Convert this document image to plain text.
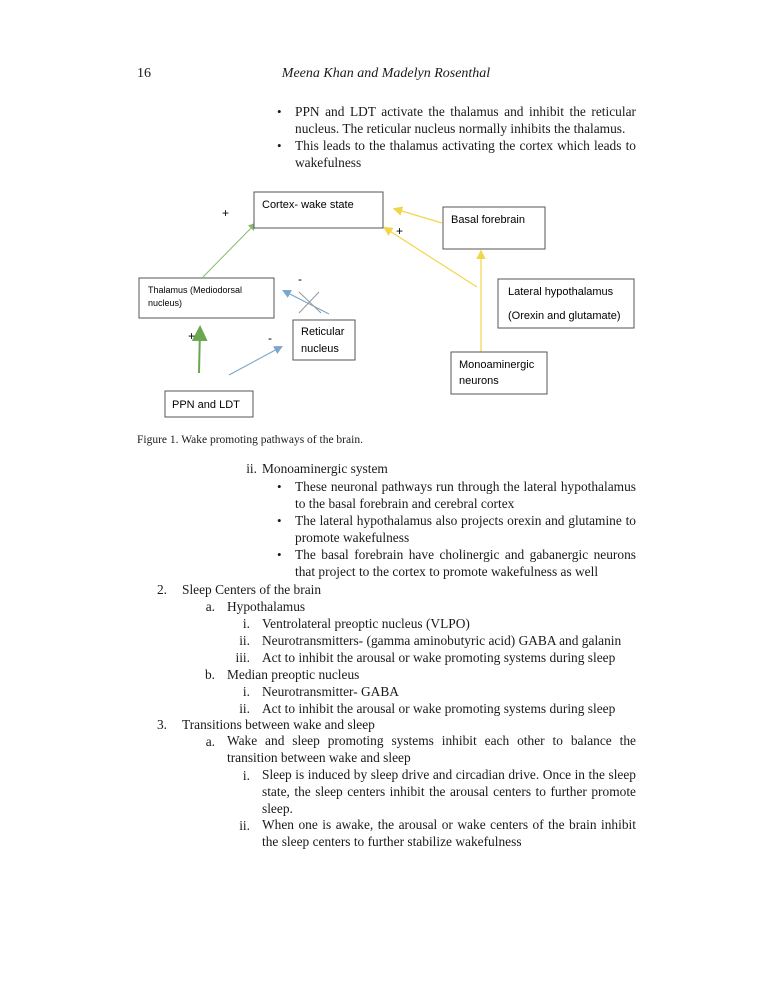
16	Meena Khan and Madelyn Rosenthal
• PPN and LDT activate the thalamus and inhibit the reticular nucleus. The reticular nucleus normally inhibits the thalamus.
• This leads to the thalamus activating the cortex which leads to wakefulness
+
+
-
+	-
Cortex- wake state
Basal forebrain
Thalamus (Mediodorsal
nucleus)
Lateral hypothalamus
(Orexin and glutamate)
Reticular
nucleus
Monoaminergic
neurons
PPN and LDT
Figure 1. Wake promoting pathways of the brain.
ii. Monoaminergic system
• These neuronal pathways run through the lateral hypothalamus to the basal forebrain and cerebral cortex
• The lateral hypothalamus also projects orexin and glutamine to promote wakefulness
• The basal forebrain have cholinergic and gabanergic neurons that project to the cortex to promote wakefulness as well
2. Sleep Centers of the brain
a. Hypothalamus
i. Ventrolateral preoptic nucleus (VLPO)
ii. Neurotransmitters- (gamma aminobutyric acid) GABA and galanin
iii. Act to inhibit the arousal or wake promoting systems during sleep
b. Median preoptic nucleus
i. Neurotransmitter- GABA
ii. Act to inhibit the arousal or wake promoting systems during sleep
3. Transitions between wake and sleep
a. Wake and sleep promoting systems inhibit each other to balance the transition between wake and sleep
i. Sleep is induced by sleep drive and circadian drive. Once in the sleep state, the sleep centers inhibit the arousal centers to further promote sleep.
ii. When one is awake, the arousal or wake centers of the brain inhibit the sleep centers to further stabilize wakefulness
